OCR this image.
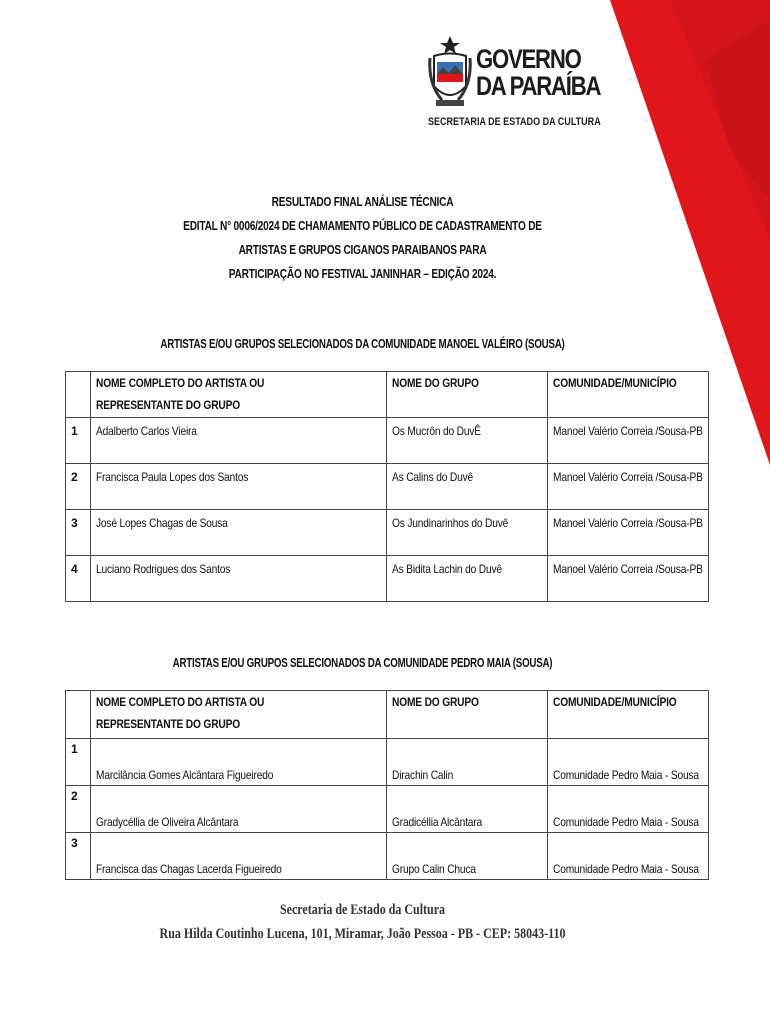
GOVERNO
DA PARAÍBA
SECRETARIA DE ESTADO DA CULTURA
RESULTADO FINAL ANÁLISE TÉCNICA
EDITAL N° 0006/2024 DE CHAMAMENTO PÚBLICO DE CADASTRAMENTO DE
ARTISTAS E GRUPOS CIGANOS PARAIBANOS PARA
PARTICIPAÇÃO NO FESTIVAL JANINHAR – EDIÇÃO 2024.
ARTISTAS E/OU GRUPOS SELECIONADOS DA COMUNIDADE MANOEL VALÉIRO (SOUSA)
	NOME COMPLETO DO ARTISTA OU REPRESENTANTE DO GRUPO	NOME DO GRUPO	COMUNIDADE/MUNICÍPIO
1	Adalberto Carlos Vieira	Os Mucrôn do DuvÊ	Manoel Valério Correia /Sousa-PB
2	Francisca Paula Lopes dos Santos	As Calins do Duvê	Manoel Valério Correia /Sousa-PB
3	José Lopes Chagas de Sousa	Os Jundinarinhos do Duvê	Manoel Valério Correia /Sousa-PB
4	Luciano Rodrigues dos Santos	As Bidita Lachin do Duvê	Manoel Valério Correia /Sousa-PB
ARTISTAS E/OU GRUPOS SELECIONADOS DA COMUNIDADE PEDRO MAIA (SOUSA)
	NOME COMPLETO DO ARTISTA OU REPRESENTANTE DO GRUPO	NOME DO GRUPO	COMUNIDADE/MUNICÍPIO
1	Marcilância Gomes Alcântara Figueiredo	Dirachin Calin	Comunidade Pedro Maia - Sousa
2	Gradycéllia de Oliveira Alcântara	Gradicéllia Alcântara	Comunidade Pedro Maia - Sousa
3	Francisca das Chagas Lacerda Figueiredo	Grupo Calin Chuca	Comunidade Pedro Maia - Sousa
Secretaria de Estado da Cultura
Rua Hilda Coutinho Lucena, 101, Miramar, João Pessoa - PB - CEP: 58043-110
